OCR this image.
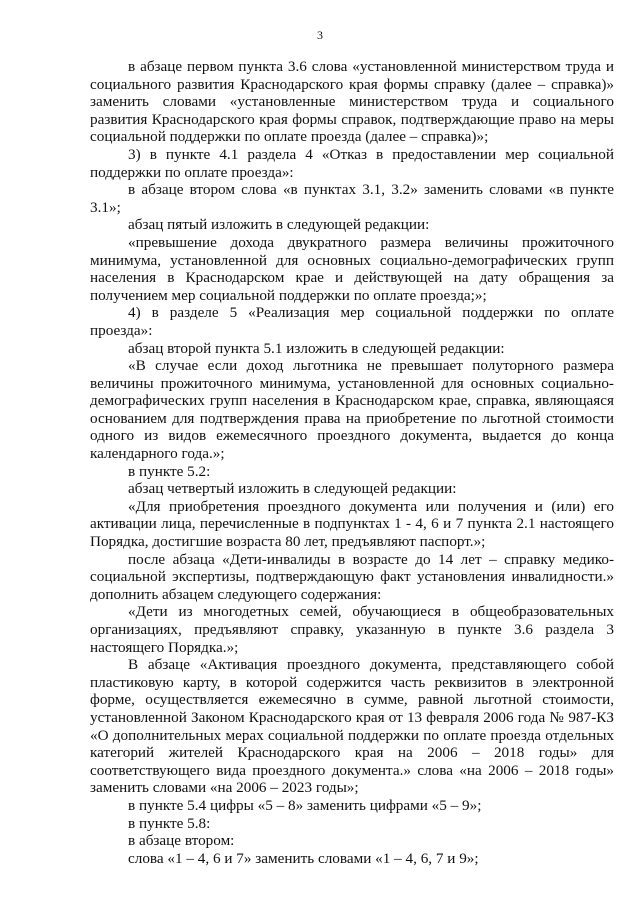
3

в абзаце первом пункта 3.6 слова «установленной министерством труда и социального развития Краснодарского края формы справку (далее – справка)» заменить словами «установленные министерством труда и социального развития Краснодарского края формы справок, подтверждающие право на меры социальной поддержки по оплате проезда (далее – справка)»;

3) в пункте 4.1 раздела 4 «Отказ в предоставлении мер социальной поддержки по оплате проезда»:

в абзаце втором слова «в пунктах 3.1, 3.2» заменить словами «в пункте 3.1»;

абзац пятый изложить в следующей редакции:

«превышение дохода двукратного размера величины прожиточного минимума, установленной для основных социально-демографических групп населения в Краснодарском крае и действующей на дату обращения за получением мер социальной поддержки по оплате проезда;»;

4) в разделе 5 «Реализация мер социальной поддержки по оплате проезда»:

абзац второй пункта 5.1 изложить в следующей редакции:

«В случае если доход льготника не превышает полуторного размера величины прожиточного минимума, установленной для основных социально-демографических групп населения в Краснодарском крае, справка, являющаяся основанием для подтверждения права на приобретение по льготной стоимости одного из видов ежемесячного проездного документа, выдается до конца календарного года.»;

в пункте 5.2:

абзац четвертый изложить в следующей редакции:

«Для приобретения проездного документа или получения и (или) его активации лица, перечисленные в подпунктах 1 - 4, 6 и 7 пункта 2.1 настоящего Порядка, достигшие возраста 80 лет, предъявляют паспорт.»;

после абзаца «Дети-инвалиды в возрасте до 14 лет – справку медико-социальной экспертизы, подтверждающую факт установления инвалидности.» дополнить абзацем следующего содержания:

«Дети из многодетных семей, обучающиеся в общеобразовательных организациях, предъявляют справку, указанную в пункте 3.6 раздела 3 настоящего Порядка.»;

В абзаце «Активация проездного документа, представляющего собой пластиковую карту, в которой содержится часть реквизитов в электронной форме, осуществляется ежемесячно в сумме, равной льготной стоимости, установленной Законом Краснодарского края от 13 февраля 2006 года № 987-КЗ «О дополнительных мерах социальной поддержки по оплате проезда отдельных категорий жителей Краснодарского края на 2006 – 2018 годы» для соответствующего вида проездного документа.» слова «на 2006 – 2018 годы» заменить словами «на 2006 – 2023 годы»;

в пункте 5.4 цифры «5 – 8» заменить цифрами «5 – 9»;

в пункте 5.8:

в абзаце втором:

слова «1 – 4, 6 и 7» заменить словами «1 – 4, 6, 7 и 9»;
